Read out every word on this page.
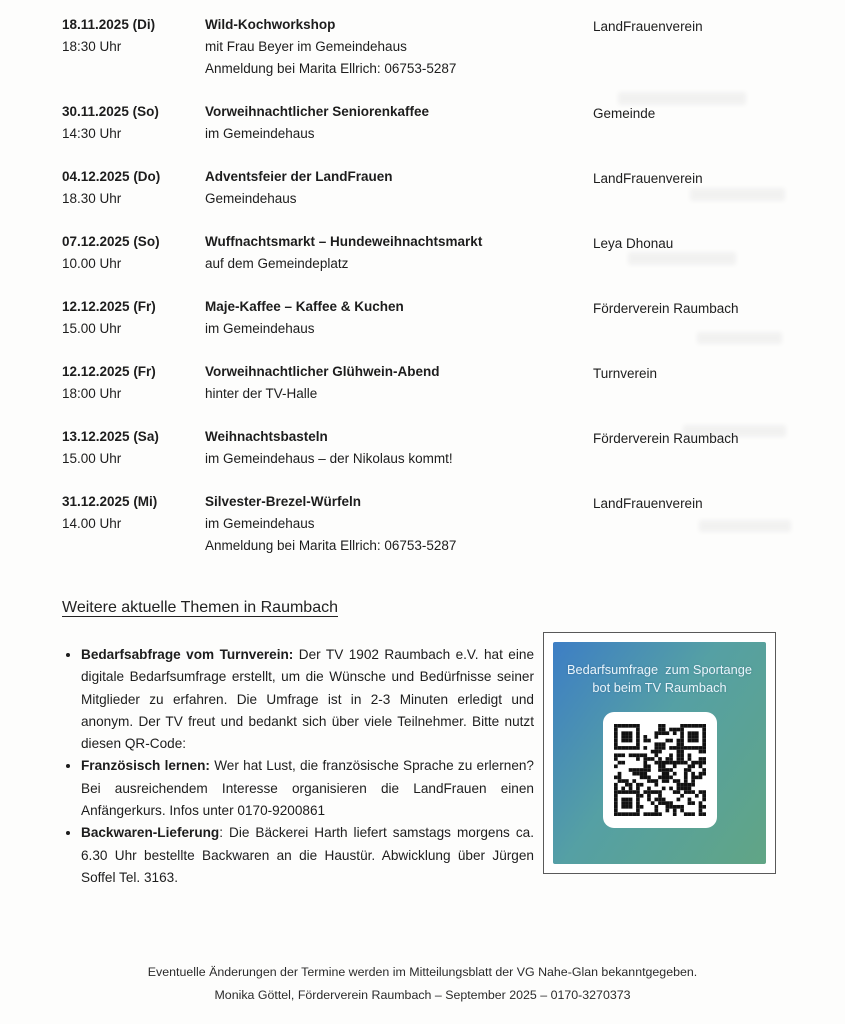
18.11.2025 (Di)
18:30 Uhr
Wild-Kochworkshop
mit Frau Beyer im Gemeindehaus
Anmeldung bei Marita Ellrich: 06753-5287
LandFrauenverein
30.11.2025 (So)
14:30 Uhr
Vorweihnachtlicher Seniorenkaffee
im Gemeindehaus
Gemeinde
04.12.2025 (Do)
18.30 Uhr
Adventsfeier der LandFrauen
Gemeindehaus
LandFrauenverein
07.12.2025 (So)
10.00 Uhr
Wuffnachtsmarkt – Hundeweihnachtsmarkt
auf dem Gemeindeplatz
Leya Dhonau
12.12.2025 (Fr)
15.00 Uhr
Maje-Kaffee – Kaffee & Kuchen
im Gemeindehaus
Förderverein Raumbach
12.12.2025 (Fr)
18:00 Uhr
Vorweihnachtlicher Glühwein-Abend
hinter der TV-Halle
Turnverein
13.12.2025 (Sa)
15.00 Uhr
Weihnachtsbasteln
im Gemeindehaus – der Nikolaus kommt!
Förderverein Raumbach
31.12.2025 (Mi)
14.00 Uhr
Silvester-Brezel-Würfeln
im Gemeindehaus
Anmeldung bei Marita Ellrich: 06753-5287
LandFrauenverein
Weitere aktuelle Themen in Raumbach
• Bedarfsabfrage vom Turnverein: Der TV 1902 Raumbach e.V. hat eine digitale Bedarfsumfrage erstellt, um die Wünsche und Bedürfnisse seiner Mitglieder zu erfahren. Die Umfrage ist in 2-3 Minuten erledigt und anonym. Der TV freut und bedankt sich über viele Teilnehmer. Bitte nutzt diesen QR-Code:
• Französisch lernen: Wer hat Lust, die französische Sprache zu erlernen? Bei ausreichendem Interesse organisieren die LandFrauen einen Anfängerkurs. Infos unter 0170-9200861
• Backwaren-Lieferung: Die Bäckerei Harth liefert samstags morgens ca. 6.30 Uhr bestellte Backwaren an die Haustür. Abwicklung über Jürgen Soffel Tel. 3163.
Bedarfsumfrage  zum Sportange
bot beim TV Raumbach
Eventuelle Änderungen der Termine werden im Mitteilungsblatt der VG Nahe-Glan bekanntgegeben.
Monika Göttel, Förderverein Raumbach – September 2025 – 0170-3270373
